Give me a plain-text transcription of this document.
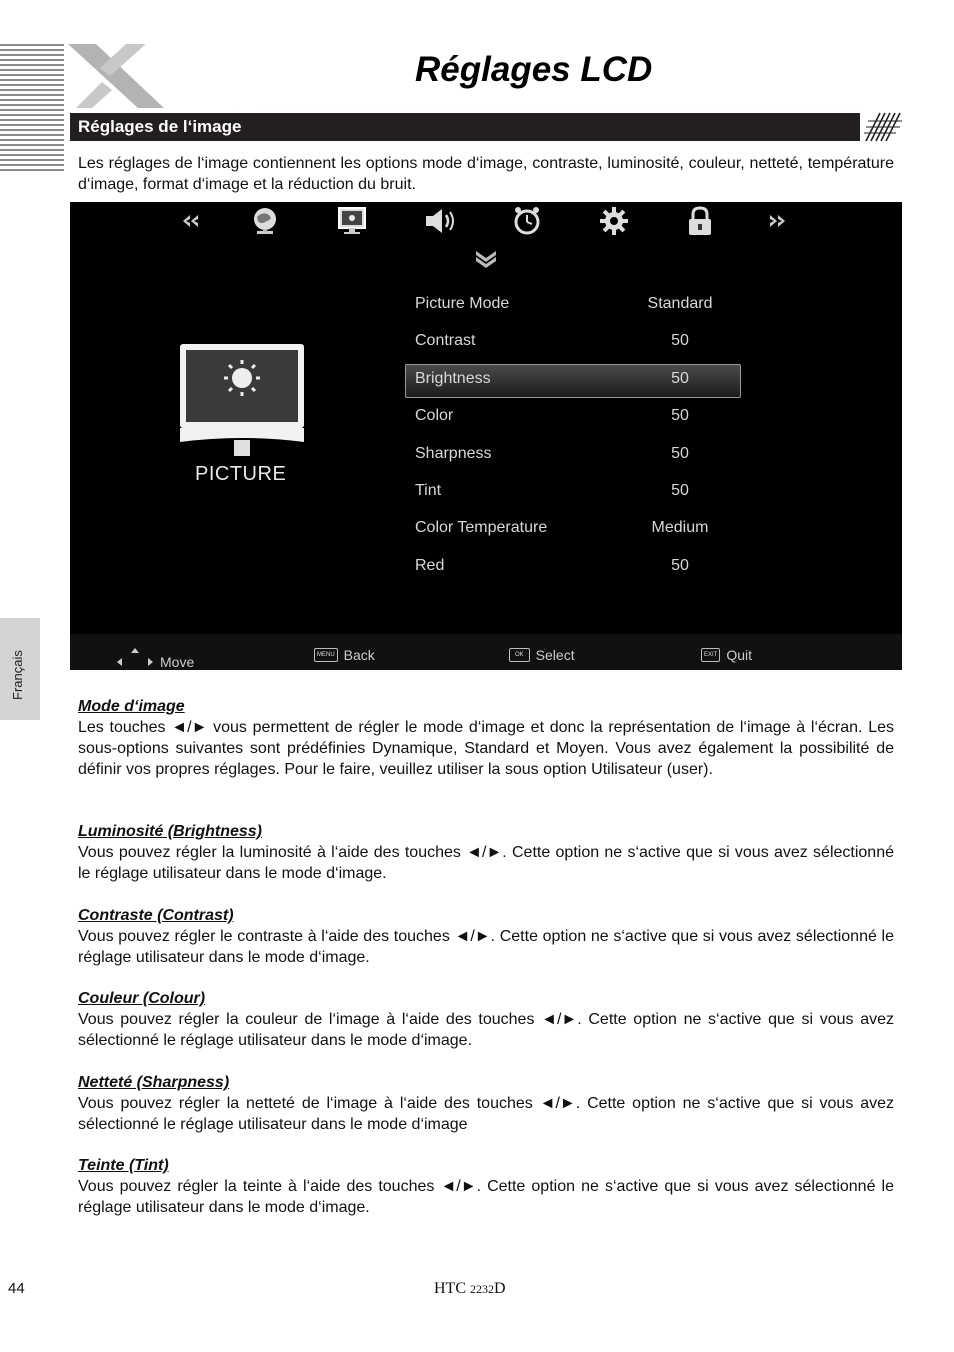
Réglages LCD
Réglages de l‘image
Français

Les réglages de l‘image contiennent les options mode d‘image, contraste, luminosité, couleur, netteté, température d‘image, format d‘image et la réduction du bruit.

PICTURE
Picture Mode	Standard
Contrast	50
Brightness	50
Color	50
Sharpness	50
Tint	50
Color Temperature	Medium
Red	50
Move	MENU Back	OK Select	EXIT Quit
Mode d‘image

Les touches ◄/► vous permettent de régler le mode d‘image et donc la représentation de l‘image à l‘écran. Les sous-options suivantes sont prédéfinies Dynamique, Standard et Moyen. Vous avez également la possibilité de définir vos propres réglages. Pour le faire, veuillez utiliser la sous option Utilisateur (user).

Luminosité (Brightness)

Vous pouvez régler la luminosité à l‘aide des touches ◄/►. Cette option ne s‘active que si vous avez sélectionné le réglage utilisateur dans le mode d‘image.

Contraste (Contrast)

Vous pouvez régler le contraste à l‘aide des touches ◄/►. Cette option ne s‘active que si vous avez sélectionné le réglage utilisateur dans le mode d‘image.

Couleur (Colour)

Vous pouvez régler la couleur de l‘image à l‘aide des touches ◄/►. Cette option ne s‘active que si vous avez sélectionné le réglage utilisateur dans le mode d‘image.

Netteté (Sharpness)

Vous pouvez régler la netteté de l‘image à l‘aide des touches ◄/►. Cette option ne s‘active que si vous avez sélectionné le réglage utilisateur dans le mode d‘image

Teinte (Tint)

Vous pouvez régler la teinte à l‘aide des touches ◄/►. Cette option ne s‘active que si vous avez sélectionné le réglage utilisateur dans le mode d‘image.

44	HTC 2232D
